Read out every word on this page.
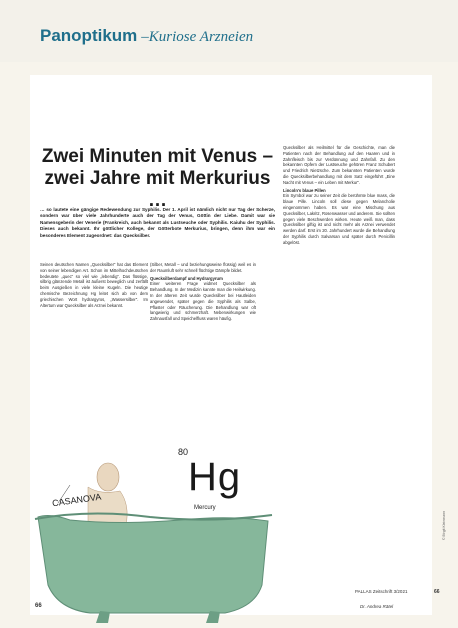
Panoptikum –Kuriose Arzneien
Zwei Minuten mit Venus –
zwei Jahre mit Merkurius …
… so lautete eine gängige Redewendung zur Syphilis. Der 1. April ist nämlich nicht nur Tag der Scherze, sondern war über viele Jahrhunderte auch der Tag der Venus, Göttin der Liebe. Damit war sie Namensgeberin der Venerie (Frankreich, auch bekannt als Lustseuche oder Syphilis. Kaiuhu der Syphilis. Dieses auch bekannt. Ihr göttlicher Kollege, der Götterbote Merkurius, bringen, denn ihm war ein besonderes Element zugeordnet: das Quecksilber.

Seinen deutschen Namen „Quecksilber“ hat das Element von seiner lebendigen Art. Schon im Mittelhochdeutschen bedeutete „quec“ so viel wie „lebendig“. Das flüssige, silbrig glänzende Metall ist äußerst beweglich und zerfällt beim Ausgießen in viele kleine Kugeln. Die heutige chemische Bezeichnung Hg leitet sich ab von dem griechischen Wort hydrargyros, „Wassersilber“. Im Altertum war Quecksilber als Arznei bekannt.

(Silber, Metall – und beziehungsweise flüssig) weil es in der Raumluft sehr schnell flüchtige Dämpfe bildet.

Quecksilberdampf und Hydrargyrum

Einer weiteren Frage widmet Quecksilber als Behandlung. In der Medizin kannte man die Heilwirkung. In der älteren Zeit wurde Quecksilber bei Hautleiden angewendet, später gegen die Syphilis als Salbe, Pflaster oder Räucherung. Die Behandlung war oft langwierig und schmerzhaft. Nebenwirkungen wie Zahnausfall und Speichelfluss waren häufig.

Quecksilber als Heilmittel für die Geschichte, man die Patienten nach der Behandlung auf den Haaren und in Zahnfleisch bis zur Verdünnung und Zahnfall. Zu den bekannten Opfern der Lustseuche gehören Franz Schubert und Friedrich Nietzsche. Zum bekannten Patienten wurde die Quecksilberbehandlung mit dem Satz eingeführt „Eine Nacht mit Venus – ein Leben mit Merkur“.

Lincoln's blaue Pillen

Ein Symbol war zu seiner Zeit die berühmte blue mass, die blaue Pille. Lincoln soll diese gegen Melancholie eingenommen haben. Es war eine Mischung aus Quecksilber, Lakritz, Rosenwasser und anderem. Sie sollten gegen viele Beschwerden wirken. Heute weiß man, dass Quecksilber giftig ist und nicht mehr als Arznei verwendet werden darf. Erst im 20. Jahrhundert wurde die Behandlung der Syphilis durch Salvarsan und später durch Penicillin abgelöst.

CASANOVA
80
Hg
Mercury
PALLAS Zeitschrift 3/2021	66
Dr. Andrea Rätel
66
© Birgit Kleinmann
